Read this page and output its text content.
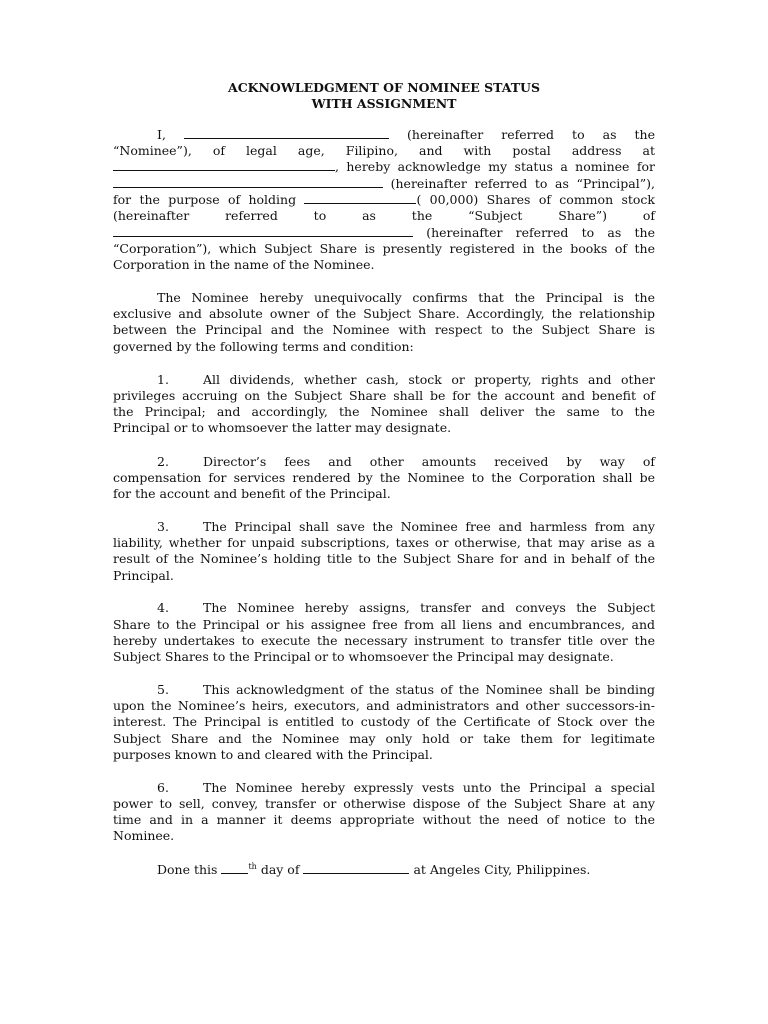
ACKNOWLEDGMENT OF NOMINEE STATUS
WITH ASSIGNMENT
I,	(hereinafter referred to as the
“Nominee”), of legal age, Filipino, and with postal address at
, hereby acknowledge my status a nominee for
(hereinafter referred to as “Principal”),
for the purpose of holding	( 00,000) Shares of common stock
(hereinafter referred to as the “Subject Share”) of
(hereinafter referred to as the
“Corporation”), which Subject Share is presently registered in the books of the
Corporation in the name of the Nominee.
The Nominee hereby unequivocally confirms that the Principal is the
exclusive and absolute owner of the Subject Share. Accordingly, the relationship
between the Principal and the Nominee with respect to the Subject Share is
governed by the following terms and condition:
1.	All dividends, whether cash, stock or property, rights and other
privileges accruing on the Subject Share shall be for the account and benefit of
the Principal; and accordingly, the Nominee shall deliver the same to the
Principal or to whomsoever the latter may designate.
2.	Director’s fees and other amounts received by way of
compensation for services rendered by the Nominee to the Corporation shall be
for the account and benefit of the Principal.
3.	The Principal shall save the Nominee free and harmless from any
liability, whether for unpaid subscriptions, taxes or otherwise, that may arise as a
result of the Nominee’s holding title to the Subject Share for and in behalf of the
Principal.
4.	The Nominee hereby assigns, transfer and conveys the Subject
Share to the Principal or his assignee free from all liens and encumbrances, and
hereby undertakes to execute the necessary instrument to transfer title over the
Subject Shares to the Principal or to whomsoever the Principal may designate.
5.	This acknowledgment of the status of the Nominee shall be binding
upon the Nominee’s heirs, executors, and administrators and other successors-in-
interest. The Principal is entitled to custody of the Certificate of Stock over the
Subject Share and the Nominee may only hold or take them for legitimate
purposes known to and cleared with the Principal.
6.	The Nominee hereby expressly vests unto the Principal a special
power to sell, convey, transfer or otherwise dispose of the Subject Share at any
time and in a manner it deems appropriate without the need of notice to the
Nominee.
Done this	$^{th}$ day of	at Angeles City, Philippines.
